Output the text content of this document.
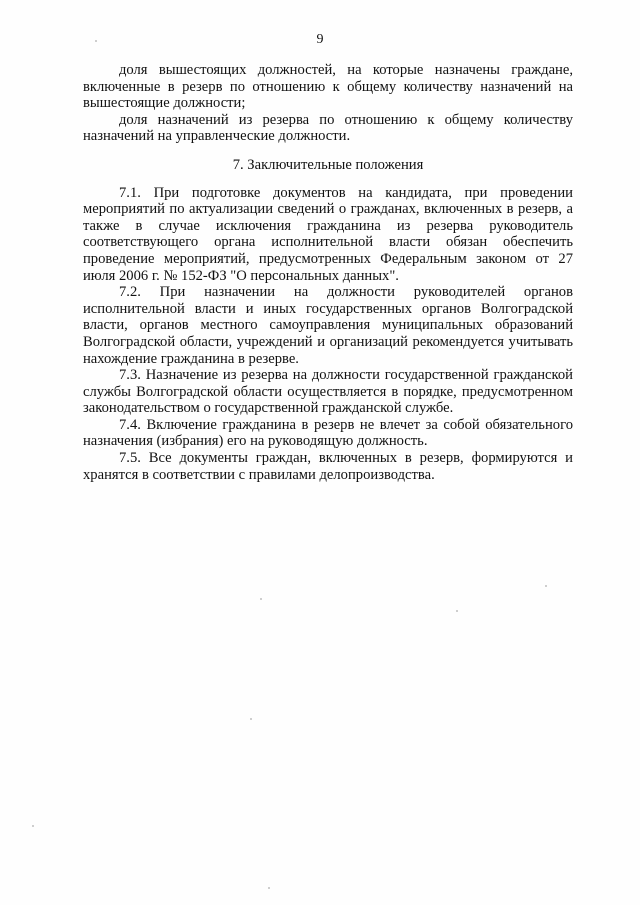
9

доля вышестоящих должностей, на которые назначены граждане, включенные в резерв по отношению к общему количеству назначений на вышестоящие должности;

доля назначений из резерва по отношению к общему количеству назначений на управленческие должности.

7. Заключительные положения

7.1. При подготовке документов на кандидата, при проведении мероприятий по актуализации сведений о гражданах, включенных в резерв, а также в случае исключения гражданина из резерва руководитель соответствующего органа исполнительной власти обязан обеспечить проведение мероприятий, предусмотренных Федеральным законом от 27 июля 2006 г. № 152-ФЗ "О персональных данных".

7.2. При назначении на должности руководителей органов исполнительной власти и иных государственных органов Волгоградской власти, органов местного самоуправления муниципальных образований Волгоградской области, учреждений и организаций рекомендуется учитывать нахождение гражданина в резерве.

7.3. Назначение из резерва на должности государственной гражданской службы Волгоградской области осуществляется в порядке, предусмотренном законодательством о государственной гражданской службе.

7.4. Включение гражданина в резерв не влечет за собой обязательного назначения (избрания) его на руководящую должность.

7.5. Все документы граждан, включенных в резерв, формируются и хранятся в соответствии с правилами делопроизводства.
